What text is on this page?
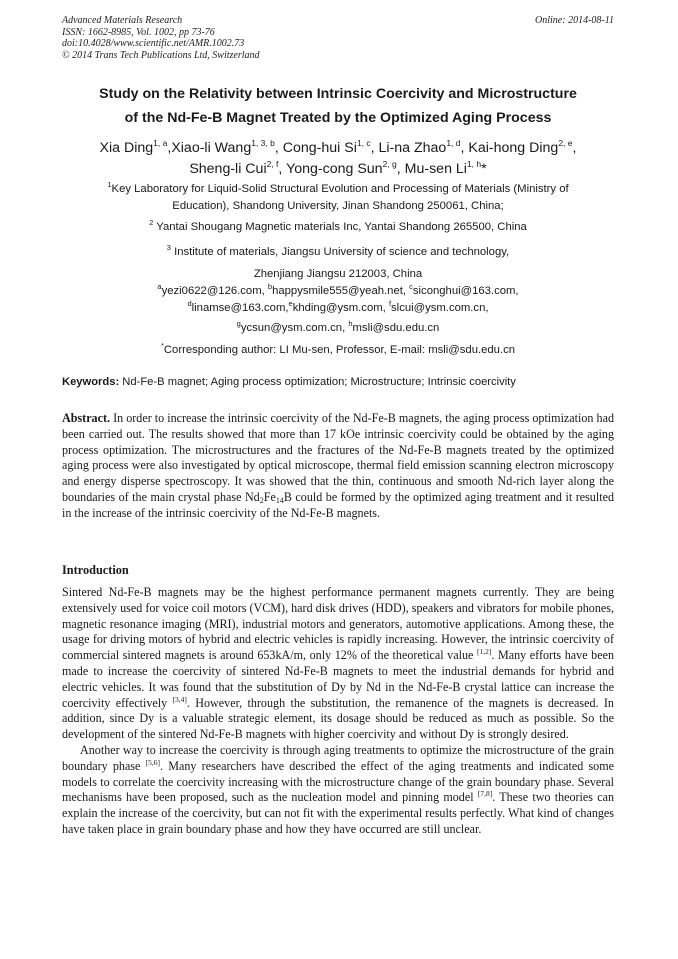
Advanced Materials Research
ISSN: 1662-8985, Vol. 1002, pp 73-76
doi:10.4028/www.scientific.net/AMR.1002.73
© 2014 Trans Tech Publications Ltd, Switzerland
Online: 2014-08-11
Study on the Relativity between Intrinsic Coercivity and Microstructure
of the Nd-Fe-B Magnet Treated by the Optimized Aging Process
Xia Ding$^{1, a}$,Xiao-li Wang$^{1, 3, b}$, Cong-hui Si$^{1, c}$, Li-na Zhao$^{1, d}$, Kai-hong Ding$^{2, e}$,
Sheng-li Cui$^{2, f}$, Yong-cong Sun$^{2, g}$, Mu-sen Li$^{1, h}$*
$^1$Key Laboratory for Liquid-Solid Structural Evolution and Processing of Materials (Ministry of
Education), Shandong University, Jinan Shandong 250061, China;
$^2$ Yantai Shougang Magnetic materials Inc, Yantai Shandong 265500, China
$^3$ Institute of materials, Jiangsu University of science and technology,
Zhenjiang Jiangsu 212003, China
$^a$yezi0622@126.com, $^b$happysmile555@yeah.net, $^c$siconghui@163.com,
$^d$linamse@163.com,$^e$khding@ysm.com, $^f$slcui@ysm.com.cn,
$^g$ycsun@ysm.com.cn, $^h$msli@sdu.edu.cn
*Corresponding author: LI Mu-sen, Professor, E-mail: msli@sdu.edu.cn
Keywords: Nd-Fe-B magnet; Aging process optimization; Microstructure; Intrinsic coercivity
Abstract. In order to increase the intrinsic coercivity of the Nd-Fe-B magnets, the aging process optimization had been carried out. The results showed that more than 17 kOe intrinsic coercivity could be obtained by the aging process optimization. The microstructures and the fractures of the Nd-Fe-B magnets treated by the optimized aging process were also investigated by optical microscope, thermal field emission scanning electron microscopy and energy disperse spectroscopy. It was showed that the thin, continuous and smooth Nd-rich layer along the boundaries of the main crystal phase $Nd_2Fe_{14}B$ could be formed by the optimized aging treatment and it resulted in the increase of the intrinsic coercivity of the Nd-Fe-B magnets.
Introduction

Sintered Nd-Fe-B magnets may be the highest performance permanent magnets currently. They are being extensively used for voice coil motors (VCM), hard disk drives (HDD), speakers and vibrators for mobile phones, magnetic resonance imaging (MRI), industrial motors and generators, automotive applications. Among these, the usage for driving motors of hybrid and electric vehicles is rapidly increasing. However, the intrinsic coercivity of commercial sintered magnets is around 653kA/m, only 12% of the theoretical value [1,2]. Many efforts have been made to increase the coercivity of sintered Nd-Fe-B magnets to meet the industrial demands for hybrid and electric vehicles. It was found that the substitution of Dy by Nd in the Nd-Fe-B crystal lattice can increase the coercivity effectively [3,4]. However, through the substitution, the remanence of the magnets is decreased. In addition, since Dy is a valuable strategic element, its dosage should be reduced as much as possible. So the development of the sintered Nd-Fe-B magnets with higher coercivity and without Dy is strongly desired.

Another way to increase the coercivity is through aging treatments to optimize the microstructure of the grain boundary phase [5,6]. Many researchers have described the effect of the aging treatments and indicated some models to correlate the coercivity increasing with the microstructure change of the grain boundary phase. Several mechanisms have been proposed, such as the nucleation model and pinning model [7,8]. These two theories can explain the increase of the coercivity, but can not fit with the experimental results perfectly. What kind of changes have taken place in grain boundary phase and how they have occurred are still unclear.
